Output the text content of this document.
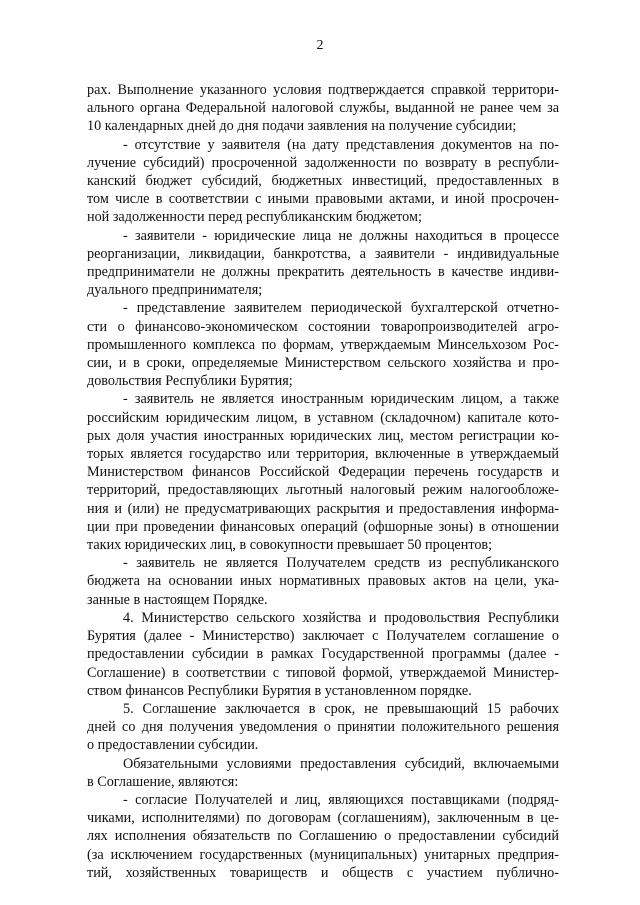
2
рах. Выполнение указанного условия подтверждается справкой территори-
ального органа Федеральной налоговой службы, выданной не ранее чем за
10 календарных дней до дня подачи заявления на получение субсидии;
- отсутствие у заявителя (на дату представления документов на по-
лучение субсидий) просроченной задолженности по возврату в республи-
канский бюджет субсидий, бюджетных инвестиций, предоставленных в
том числе в соответствии с иными правовыми актами, и иной просрочен-
ной задолженности перед республиканским бюджетом;
- заявители - юридические лица не должны находиться в процессе
реорганизации, ликвидации, банкротства, а заявители - индивидуальные
предприниматели не должны прекратить деятельность в качестве индиви-
дуального предпринимателя;
- представление заявителем периодической бухгалтерской отчетно-
сти о финансово-экономическом состоянии товаропроизводителей агро-
промышленного комплекса по формам, утверждаемым Минсельхозом Рос-
сии, и в сроки, определяемые Министерством сельского хозяйства и про-
довольствия Республики Бурятия;
- заявитель не является иностранным юридическим лицом, а также
российским юридическим лицом, в уставном (складочном) капитале кото-
рых доля участия иностранных юридических лиц, местом регистрации ко-
торых является государство или территория, включенные в утверждаемый
Министерством финансов Российской Федерации перечень государств и
территорий, предоставляющих льготный налоговый режим налогообложе-
ния и (или) не предусматривающих раскрытия и предоставления информа-
ции при проведении финансовых операций (офшорные зоны) в отношении
таких юридических лиц, в совокупности превышает 50 процентов;
- заявитель не является Получателем средств из республиканского
бюджета на основании иных нормативных правовых актов на цели, ука-
занные в настоящем Порядке.
4. Министерство сельского хозяйства и продовольствия Республики
Бурятия (далее - Министерство) заключает с Получателем соглашение о
предоставлении субсидии в рамках Государственной программы (далее -
Соглашение) в соответствии с типовой формой, утверждаемой Министер-
ством финансов Республики Бурятия в установленном порядке.
5. Соглашение заключается в срок, не превышающий 15 рабочих
дней со дня получения уведомления о принятии положительного решения
о предоставлении субсидии.
Обязательными условиями предоставления субсидий, включаемыми
в Соглашение, являются:
- согласие Получателей и лиц, являющихся поставщиками (подряд-
чиками, исполнителями) по договорам (соглашениям), заключенным в це-
лях исполнения обязательств по Соглашению о предоставлении субсидий
(за исключением государственных (муниципальных) унитарных предприя-
тий, хозяйственных товариществ и обществ с участием публично-
